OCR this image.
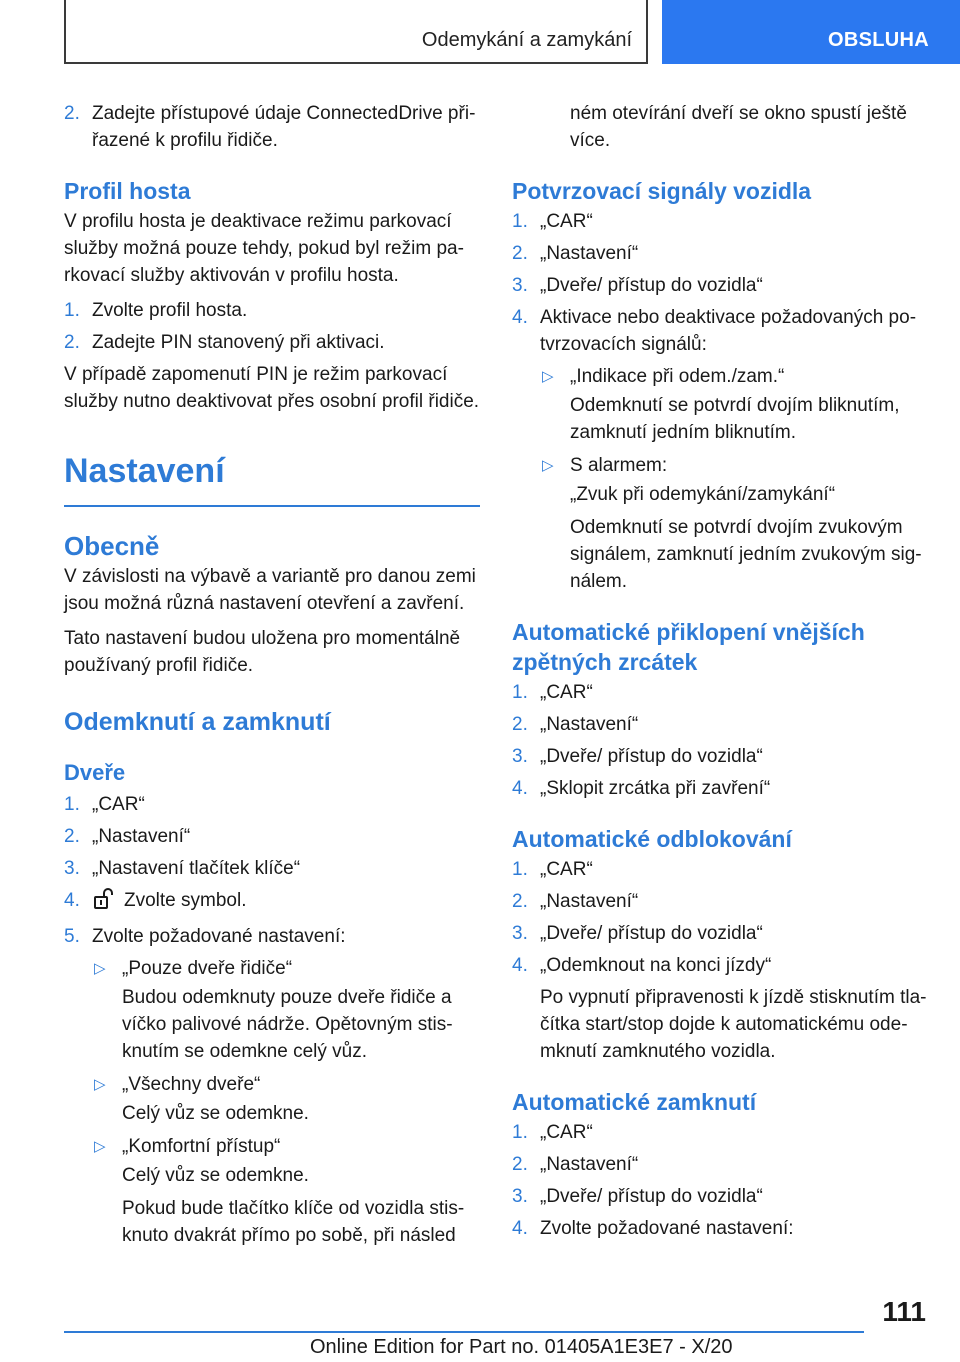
Odemykání a zamykání	OBSLUHA
2. Zadejte přístupové údaje ConnectedDrive přiřazené k profilu řidiče.
Profil hosta

V profilu hosta je deaktivace režimu parkovací služby možná pouze tehdy, pokud byl režim parkovací služby aktivován v profilu hosta.

1. Zvolte profil hosta.
2. Zadejte PIN stanovený při aktivaci.

V případě zapomenutí PIN je režim parkovací služby nutno deaktivovat přes osobní profil řidiče.

Nastavení
Obecně

V závislosti na výbavě a variantě pro danou zemi jsou možná různá nastavení otevření a zavření.

Tato nastavení budou uložena pro momentálně používaný profil řidiče.

Odemknutí a zamknutí
Dveře
1. „CAR“
2. „Nastavení“
3. „Nastavení tlačítek klíče“
4. Zvolte symbol.
5. Zvolte požadované nastavení:
▷ „Pouze dveře řidiče“
Budou odemknuty pouze dveře řidiče a víčko palivové nádrže. Opětovným stisknutím se odemkne celý vůz.
▷ „Všechny dveře“
Celý vůz se odemkne.
▷ „Komfortní přístup“
Celý vůz se odemkne.
Pokud bude tlačítko klíče od vozidla stisknuto dvakrát přímo po sobě, při násled

ném otevírání dveří se okno spustí ještě více.

Potvrzovací signály vozidla
1. „CAR“
2. „Nastavení“
3. „Dveře/ přístup do vozidla“
4. Aktivace nebo deaktivace požadovaných potvrzovacích signálů:
▷ „Indikace při odem./zam.“
Odemknutí se potvrdí dvojím bliknutím, zamknutí jedním bliknutím.
▷ S alarmem:
„Zvuk při odemykání/zamykání“
Odemknutí se potvrdí dvojím zvukovým signálem, zamknutí jedním zvukovým signálem.
Automatické přiklopení vnějších zpětných zrcátek
1. „CAR“
2. „Nastavení“
3. „Dveře/ přístup do vozidla“
4. „Sklopit zrcátka při zavření“
Automatické odblokování
1. „CAR“
2. „Nastavení“
3. „Dveře/ přístup do vozidla“
4. „Odemknout na konci jízdy“

Po vypnutí připravenosti k jízdě stisknutím tlačítka start/stop dojde k automatickému odemknutí zamknutého vozidla.

Automatické zamknutí
1. „CAR“
2. „Nastavení“
3. „Dveře/ přístup do vozidla“
4. Zvolte požadované nastavení:
111
Online Edition for Part no. 01405A1E3E7 - X/20
